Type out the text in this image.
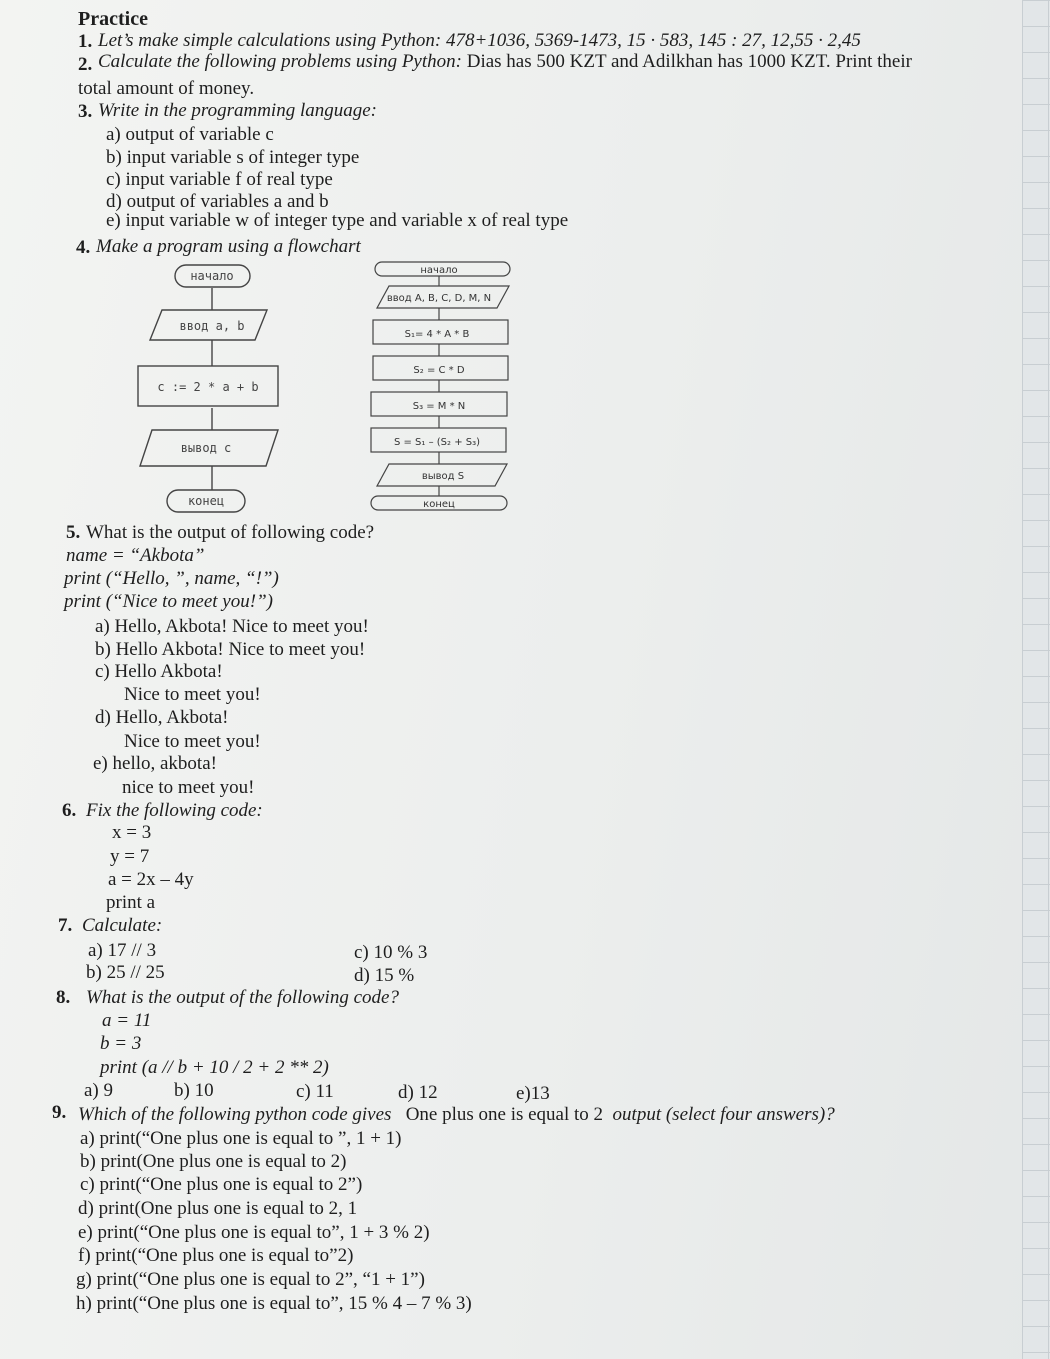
Practice
1. Let’s make simple calculations using Python: 478+1036, 5369-1473, 15 · 583, 145 : 27, 12,55 · 2,45
2. Calculate the following problems using Python: Dias has 500 KZT and Adilkhan has 1000 KZT. Print their
total amount of money.
3. Write in the programming language:
a) output of variable c
b) input variable s of integer type
c) input variable f of real type
d) output of variables a and b
e) input variable w of integer type and variable x of real type
4. Make a program using a flowchart
начало
ввод a, b
c := 2 * a + b
вывод c
конец
начало
ввод A, B, C, D, M, N
S₁= 4 * A * B
S₂ = C * D
S₃ = M * N
S = S₁ – (S₂ + S₃)
вывод S
конец
5. What is the output of following code?
name = “Akbota”
print (“Hello, ”, name, “!”)
print (“Nice to meet you!”)
a) Hello, Akbota! Nice to meet you!
b) Hello Akbota! Nice to meet you!
c) Hello Akbota!
Nice to meet you!
d) Hello, Akbota!
Nice to meet you!
e) hello, akbota!
nice to meet you!
6. Fix the following code:
x = 3
y = 7
a = 2x – 4y
print a
7. Calculate:
a) 17 // 3
b) 25 // 25
c) 10 % 3
d) 15 %
8. What is the output of the following code?
a = 11
b = 3
print (a // b + 10 / 2 + 2 ** 2)
a) 9	b) 10	c) 11	d) 12	e)13
9. Which of the following python code gives One plus one is equal to 2 output (select four answers)?
a) print(“One plus one is equal to ”, 1 + 1)
b) print(One plus one is equal to 2)
c) print(“One plus one is equal to 2”)
d) print(One plus one is equal to 2, 1
e) print(“One plus one is equal to”, 1 + 3 % 2)
f) print(“One plus one is equal to”2)
g) print(“One plus one is equal to 2”, “1 + 1”)
h) print(“One plus one is equal to”, 15 % 4 – 7 % 3)
